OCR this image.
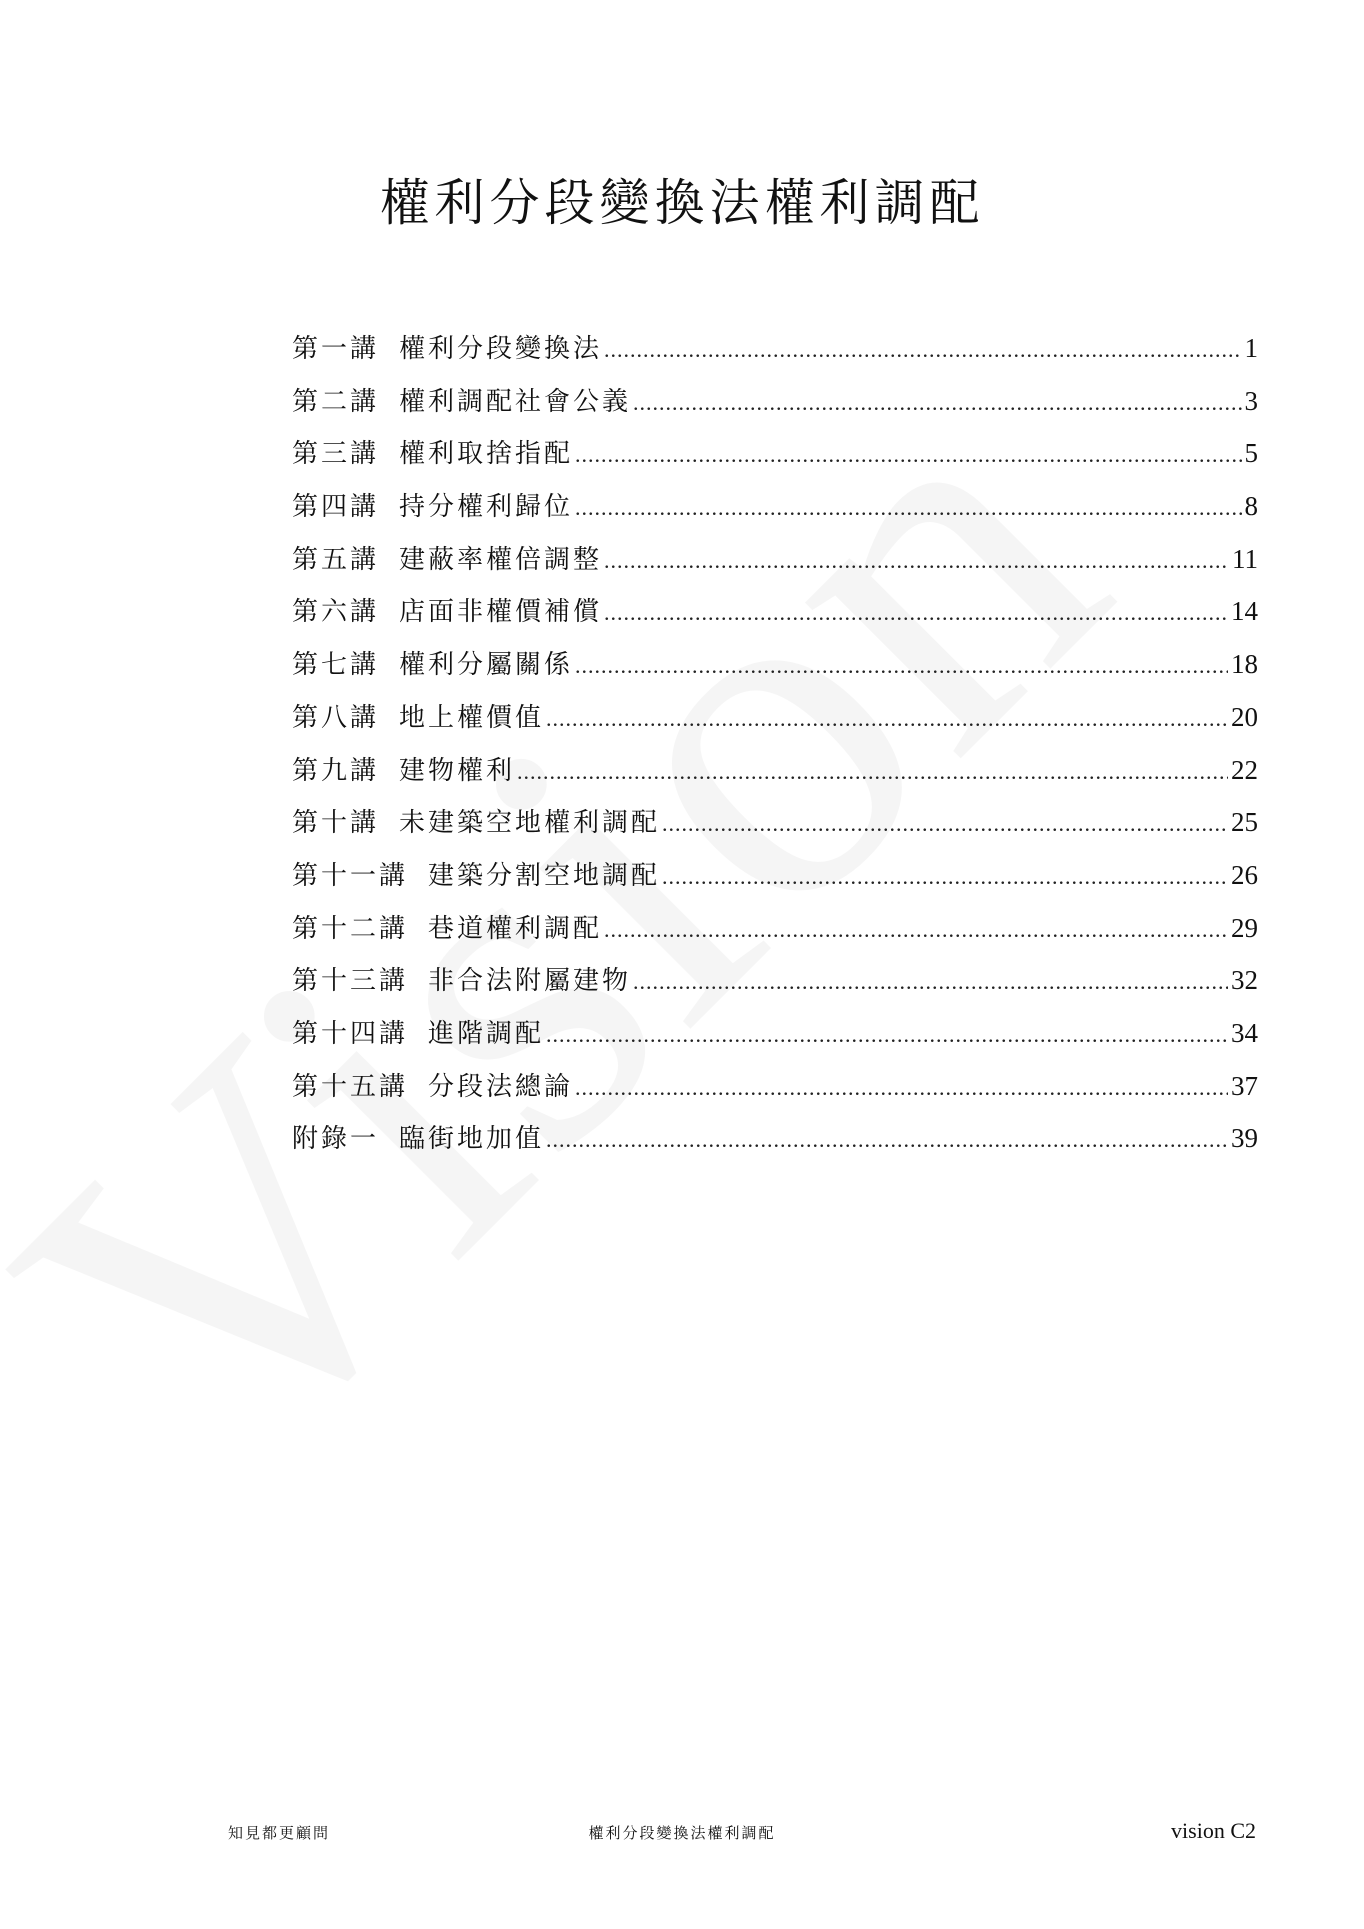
權利分段變換法權利調配
第一講 權利分段變換法 .....	1
第二講 權利調配社會公義 .....	3
第三講 權利取捨指配 .....	5
第四講 持分權利歸位 .....	8
第五講 建蔽率權倍調整 .....	11
第六講 店面非權價補償 .....	14
第七講 權利分屬關係 .....	18
第八講 地上權價值 .....	20
第九講 建物權利 .....	22
第十講 未建築空地權利調配 .....	25
第十一講 建築分割空地調配 .....	26
第十二講 巷道權利調配 .....	29
第十三講 非合法附屬建物 .....	32
第十四講 進階調配 .....	34
第十五講 分段法總論 .....	37
附錄一 臨街地加值 .....	39
知見都更顧問	權利分段變換法權利調配	vision C2
